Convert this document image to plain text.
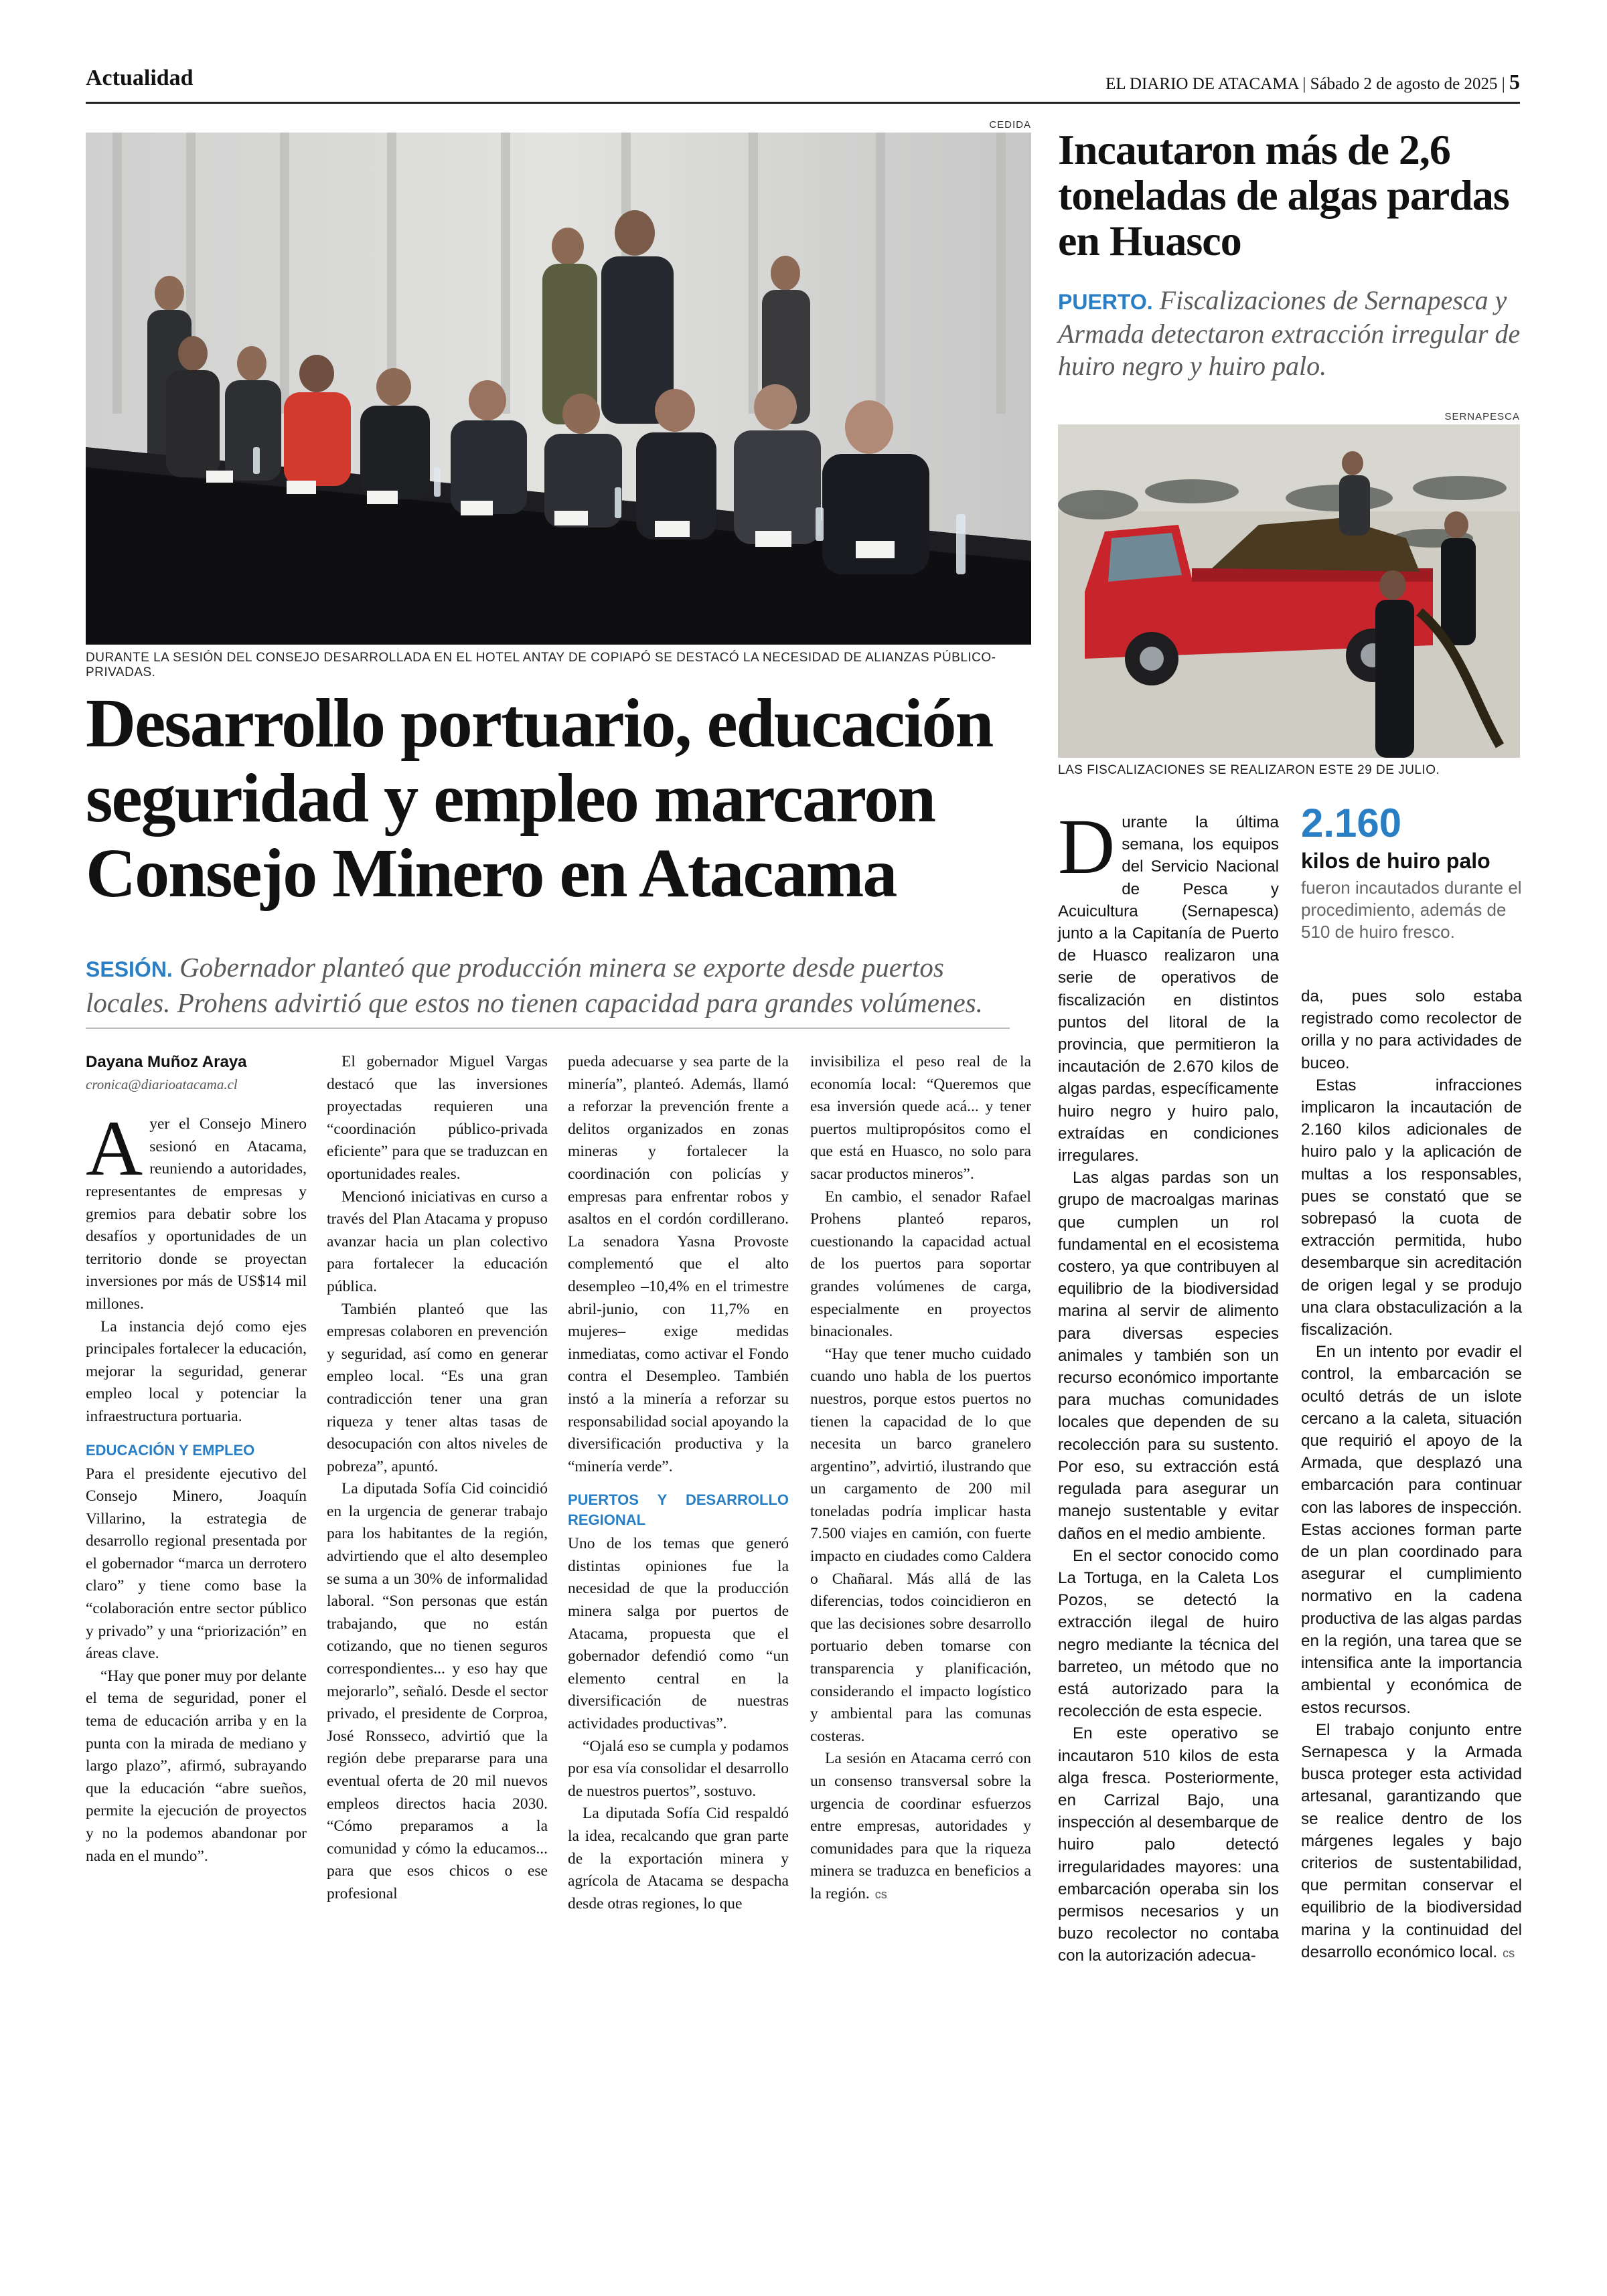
Actualidad	EL DIARIO DE ATACAMA | Sábado 2 de agosto de 2025 | 5
CEDIDA
DURANTE LA SESIÓN DEL CONSEJO DESARROLLADA EN EL HOTEL ANTAY DE COPIAPÓ SE DESTACÓ LA NECESIDAD DE ALIANZAS PÚBLICO-PRIVADAS.
Desarrollo portuario, educación seguridad y empleo marcaron Consejo Minero en Atacama
SESIÓN. Gobernador planteó que producción minera se exporte desde puertos locales. Prohens advirtió que estos no tienen capacidad para grandes volúmenes.
Dayana Muñoz Araya
cronica@diarioatacama.cl

Ayer el Consejo Minero sesionó en Atacama, reuniendo a autoridades, representantes de empresas y gremios para debatir sobre los desafíos y oportunidades de un territorio donde se proyectan inversiones por más de US$14 mil millones.

La instancia dejó como ejes principales fortalecer la educación, mejorar la seguridad, generar empleo local y potenciar la infraestructura portuaria.

EDUCACIÓN Y EMPLEO

Para el presidente ejecutivo del Consejo Minero, Joaquín Villarino, la estrategia de desarrollo regional presentada por el gobernador “marca un derrotero claro” y tiene como base la “colaboración entre sector público y privado” y una “priorización” en áreas clave.

“Hay que poner muy por delante el tema de seguridad, poner el tema de educación arriba y en la punta con la mirada de mediano y largo plazo”, afirmó, subrayando que la educación “abre sueños, permite la ejecución de proyectos y no la podemos abandonar por nada en el mundo”.

El gobernador Miguel Vargas destacó que las inversiones proyectadas requieren una “coordinación público-privada eficiente” para que se traduzcan en oportunidades reales.

Mencionó iniciativas en curso a través del Plan Atacama y propuso avanzar hacia un plan colectivo para fortalecer la educación pública.

También planteó que las empresas colaboren en prevención y seguridad, así como en generar empleo local. “Es una gran contradicción tener una gran riqueza y tener altas tasas de desocupación con altos niveles de pobreza”, apuntó.

La diputada Sofía Cid coincidió en la urgencia de generar trabajo para los habitantes de la región, advirtiendo que el alto desempleo se suma a un 30% de informalidad laboral. “Son personas que están trabajando, que no están cotizando, que no tienen seguros correspondientes... y eso hay que mejorarlo”, señaló. Desde el sector privado, el presidente de Corproa, José Ronsseco, advirtió que la región debe prepararse para una eventual oferta de 20 mil nuevos empleos directos hacia 2030. “Cómo preparamos a la comunidad y cómo la educamos... para que esos chicos o ese profesional

pueda adecuarse y sea parte de la minería”, planteó. Además, llamó a reforzar la prevención frente a delitos organizados en zonas mineras y fortalecer la coordinación con policías y empresas para enfrentar robos y asaltos en el cordón cordillerano. La senadora Yasna Provoste complementó que el alto desempleo –10,4% en el trimestre abril-junio, con 11,7% en mujeres– exige medidas inmediatas, como activar el Fondo contra el Desempleo. También instó a la minería a reforzar su responsabilidad social apoyando la diversificación productiva y la “minería verde”.

PUERTOS Y DESARROLLO REGIONAL

Uno de los temas que generó distintas opiniones fue la necesidad de que la producción minera salga por puertos de Atacama, propuesta que el gobernador defendió como “un elemento central en la diversificación de nuestras actividades productivas”.

“Ojalá eso se cumpla y podamos por esa vía consolidar el desarrollo de nuestros puertos”, sostuvo.

La diputada Sofía Cid respaldó la idea, recalcando que gran parte de la exportación minera y agrícola de Atacama se despacha desde otras regiones, lo que

invisibiliza el peso real de la economía local: “Queremos que esa inversión quede acá... y tener puertos multipropósitos como el que está en Huasco, no solo para sacar productos mineros”.

En cambio, el senador Rafael Prohens planteó reparos, cuestionando la capacidad actual de los puertos para soportar grandes volúmenes de carga, especialmente en proyectos binacionales.

“Hay que tener mucho cuidado cuando uno habla de los puertos nuestros, porque estos puertos no tienen la capacidad de lo que necesita un barco granelero argentino”, advirtió, ilustrando que un cargamento de 200 mil toneladas podría implicar hasta 7.500 viajes en camión, con fuerte impacto en ciudades como Caldera o Chañaral. Más allá de las diferencias, todos coincidieron en que las decisiones sobre desarrollo portuario deben tomarse con transparencia y planificación, considerando el impacto logístico y ambiental para las comunas costeras.

La sesión en Atacama cerró con un consenso transversal sobre la urgencia de coordinar esfuerzos entre empresas, autoridades y comunidades para que la riqueza minera se traduzca en beneficios a la región. cs

Incautaron más de 2,6 toneladas de algas pardas en Huasco
PUERTO. Fiscalizaciones de Sernapesca y Armada detectaron extracción irregular de huiro negro y huiro palo.
SERNAPESCA
LAS FISCALIZACIONES SE REALIZARON ESTE 29 DE JULIO.
2.160
kilos de huiro palo
fueron incautados durante el procedimiento, además de 510 de huiro fresco.

Durante la última semana, los equipos del Servicio Nacional de Pesca y Acuicultura (Sernapesca) junto a la Capitanía de Puerto de Huasco realizaron una serie de operativos de fiscalización en distintos puntos del litoral de la provincia, que permitieron la incautación de 2.670 kilos de algas pardas, específicamente huiro negro y huiro palo, extraídas en condiciones irregulares.

Las algas pardas son un grupo de macroalgas marinas que cumplen un rol fundamental en el ecosistema costero, ya que contribuyen al equilibrio de la biodiversidad marina al servir de alimento para diversas especies animales y también son un recurso económico importante para muchas comunidades locales que dependen de su recolección para su sustento. Por eso, su extracción está regulada para asegurar un manejo sustentable y evitar daños en el medio ambiente.

En el sector conocido como La Tortuga, en la Caleta Los Pozos, se detectó la extracción ilegal de huiro negro mediante la técnica del barreteo, un método que no está autorizado para la recolección de esta especie.

En este operativo se incautaron 510 kilos de esta alga fresca. Posteriormente, en Carrizal Bajo, una inspección al desembarque de huiro palo detectó irregularidades mayores: una embarcación operaba sin los permisos necesarios y un buzo recolector no contaba con la autorización adecua-

da, pues solo estaba registrado como recolector de orilla y no para actividades de buceo.

Estas infracciones implicaron la incautación de 2.160 kilos adicionales de huiro palo y la aplicación de multas a los responsables, pues se constató que se sobrepasó la cuota de extracción permitida, hubo desembarque sin acreditación de origen legal y se produjo una clara obstaculización a la fiscalización.

En un intento por evadir el control, la embarcación se ocultó detrás de un islote cercano a la caleta, situación que requirió el apoyo de la Armada, que desplazó una embarcación para continuar con las labores de inspección. Estas acciones forman parte de un plan coordinado para asegurar el cumplimiento normativo en la cadena productiva de las algas pardas en la región, una tarea que se intensifica ante la importancia ambiental y económica de estos recursos.

El trabajo conjunto entre Sernapesca y la Armada busca proteger esta actividad artesanal, garantizando que se realice dentro de los márgenes legales y bajo criterios de sustentabilidad, que permitan conservar el equilibrio de la biodiversidad marina y la continuidad del desarrollo económico local. cs
